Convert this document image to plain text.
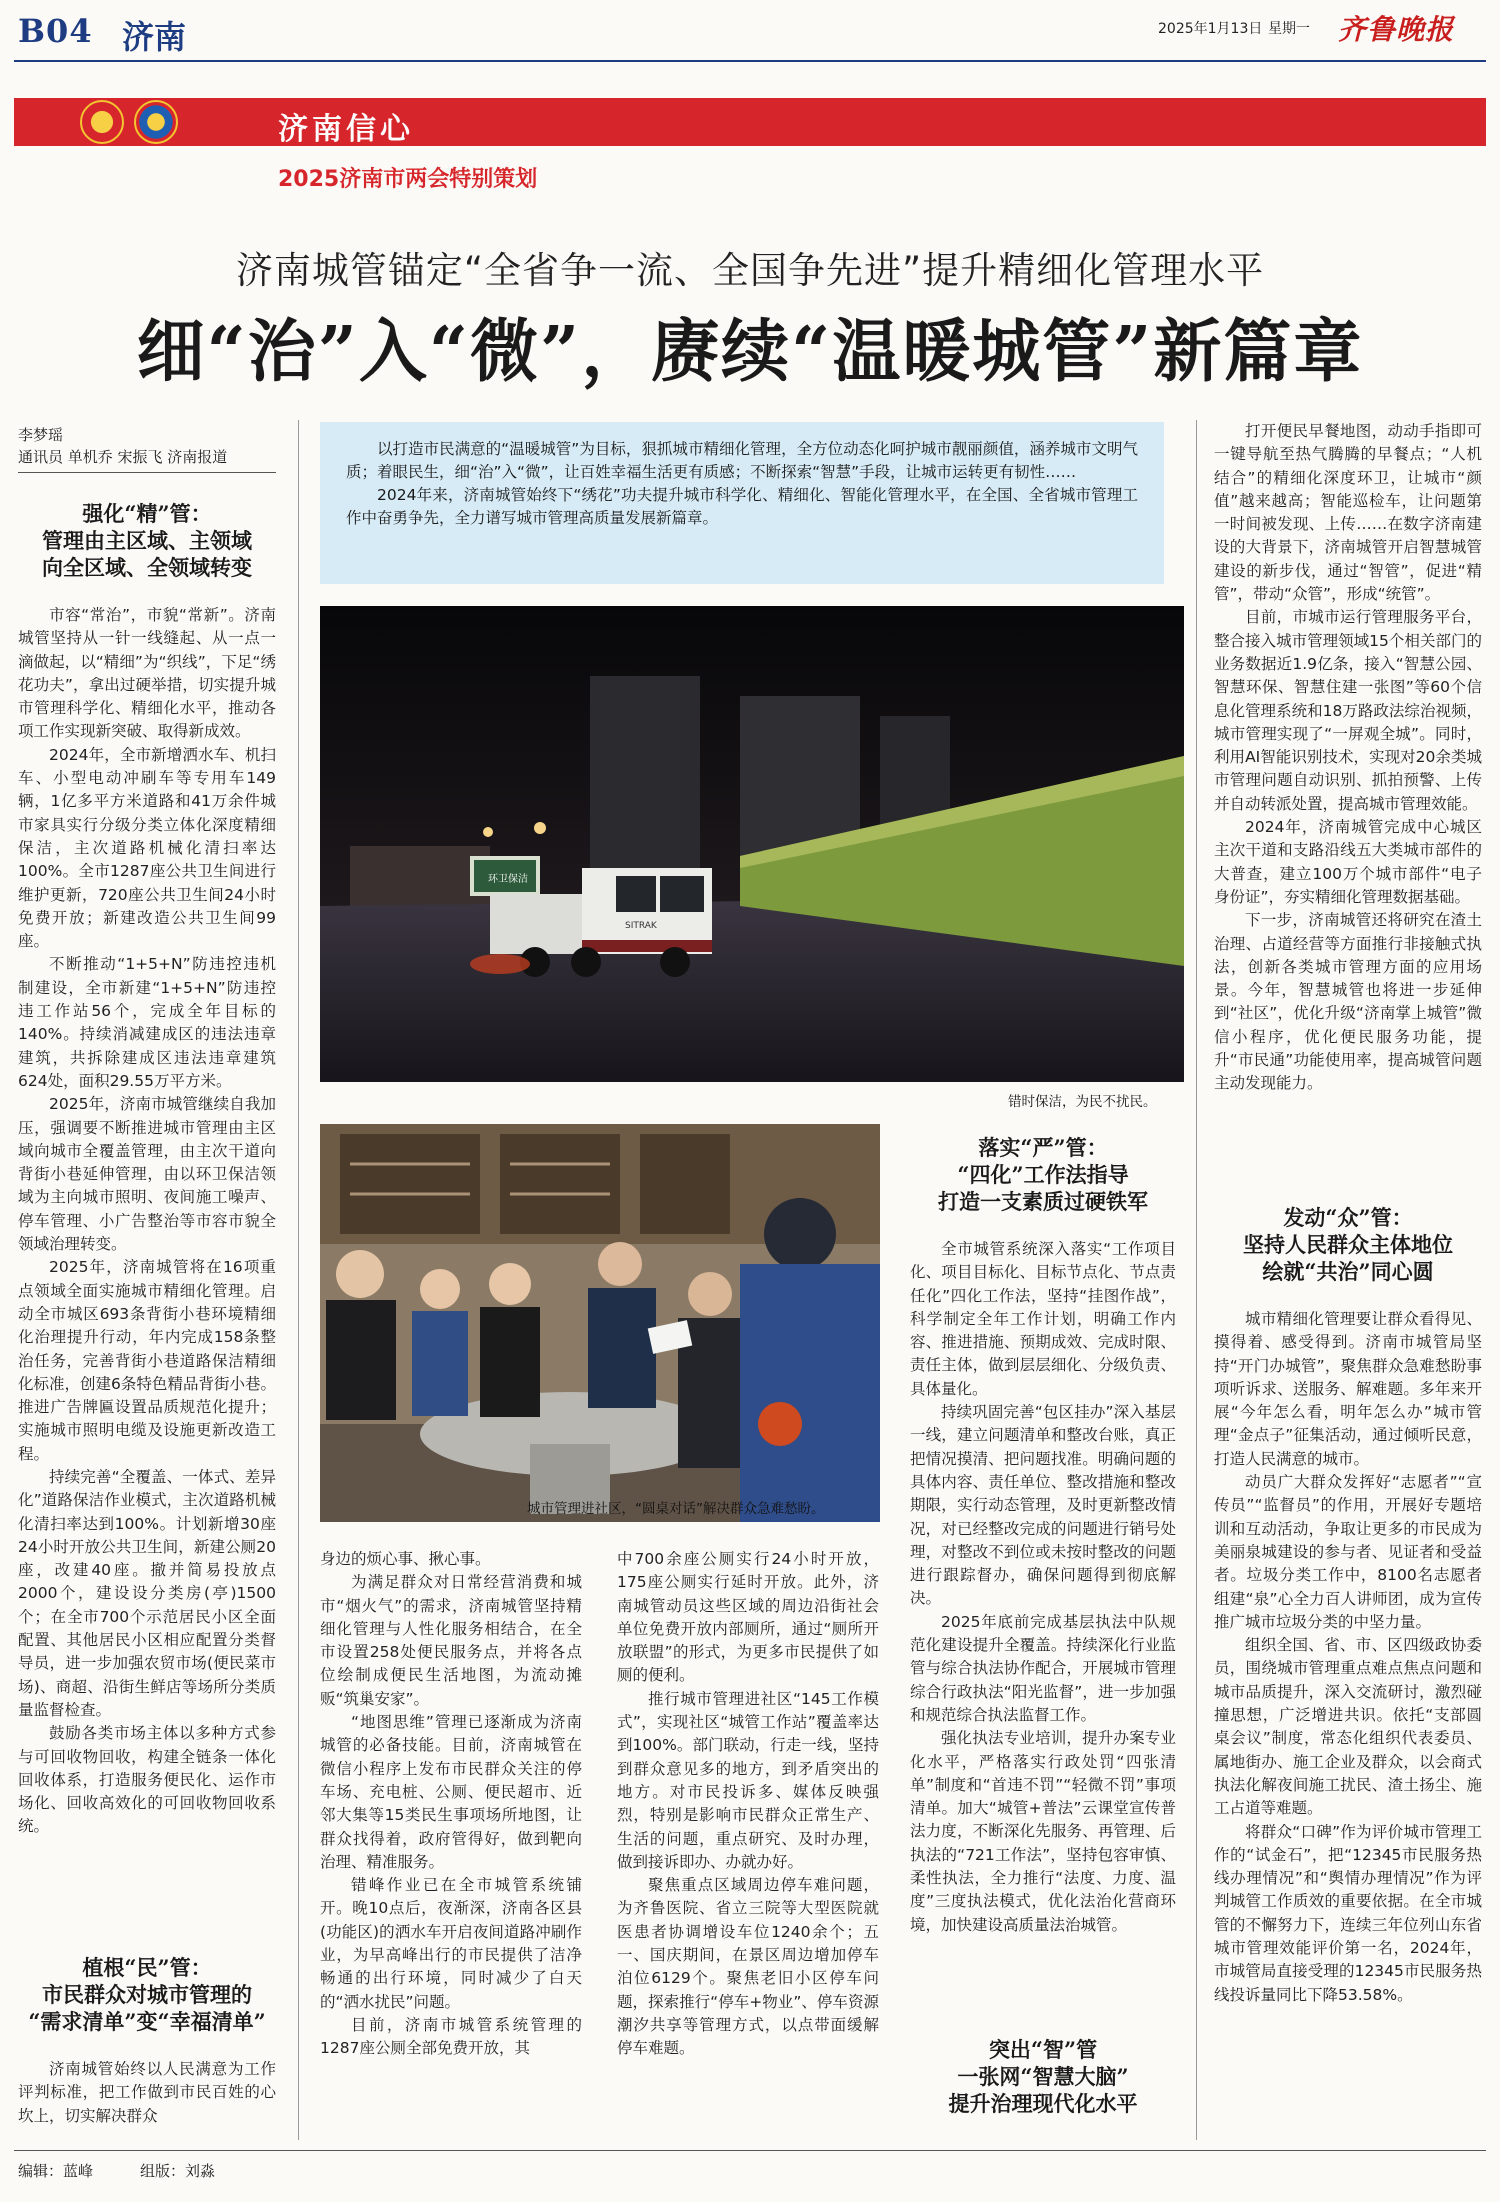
B04 济南	2025年1月13日 星期一 齐鲁晚报
济南信心
2025济南市两会特别策划
济南城管锚定“全省争一流、全国争先进”提升精细化管理水平
细“治”入“微”，赓续“温暖城管”新篇章
李梦瑶
通讯员 单机乔 宋振飞 济南报道
强化“精”管：
管理由主区域、主领域
向全区域、全领域转变

市容“常治”，市貌“常新”。济南城管坚持从一针一线缝起、从一点一滴做起，以“精细”为“织线”，下足“绣花功夫”，拿出过硬举措，切实提升城市管理科学化、精细化水平，推动各项工作实现新突破、取得新成效。

2024年，全市新增洒水车、机扫车、小型电动冲刷车等专用车149辆，1亿多平方米道路和41万余件城市家具实行分级分类立体化深度精细保洁，主次道路机械化清扫率达100%。全市1287座公共卫生间进行维护更新，720座公共卫生间24小时免费开放；新建改造公共卫生间99座。

不断推动“1+5+N”防违控违机制建设，全市新建“1+5+N”防违控违工作站56个，完成全年目标的140%。持续消减建成区的违法违章建筑，共拆除建成区违法违章建筑624处，面积29.55万平方米。

2025年，济南市城管继续自我加压，强调要不断推进城市管理由主区域向城市全覆盖管理，由主次干道向背街小巷延伸管理，由以环卫保洁领域为主向城市照明、夜间施工噪声、停车管理、小广告整治等市容市貌全领域治理转变。

2025年，济南城管将在16项重点领域全面实施城市精细化管理。启动全市城区693条背街小巷环境精细化治理提升行动，年内完成158条整治任务，完善背街小巷道路保洁精细化标准，创建6条特色精品背街小巷。推进广告牌匾设置品质规范化提升；实施城市照明电缆及设施更新改造工程。

持续完善“全覆盖、一体式、差异化”道路保洁作业模式，主次道路机械化清扫率达到100%。计划新增30座24小时开放公共卫生间，新建公厕20座，改建40座。撤并简易投放点2000个，建设设分类房(亭)1500个；在全市700个示范居民小区全面配置、其他居民小区相应配置分类督导员，进一步加强农贸市场(便民菜市场)、商超、沿街生鲜店等场所分类质量监督检查。

鼓励各类市场主体以多种方式参与可回收物回收，构建全链条一体化回收体系，打造服务便民化、运作市场化、回收高效化的可回收物回收系统。

植根“民”管：
市民群众对城市管理的
“需求清单”变“幸福清单”

济南城管始终以人民满意为工作评判标准，把工作做到市民百姓的心坎上，切实解决群众

以打造市民满意的“温暖城管”为目标，狠抓城市精细化管理，全方位动态化呵护城市靓丽颜值，涵养城市文明气质；着眼民生，细“治”入“微”，让百姓幸福生活更有质感；不断探索“智慧”手段，让城市运转更有韧性……

2024年来，济南城管始终下“绣花”功夫提升城市科学化、精细化、智能化管理水平，在全国、全省城市管理工作中奋勇争先，全力谱写城市管理高质量发展新篇章。

环卫保洁
SITRAK
错时保洁，为民不扰民。
城市管理进社区，“圆桌对话”解决群众急难愁盼。

身边的烦心事、揪心事。

为满足群众对日常经营消费和城市“烟火气”的需求，济南城管坚持精细化管理与人性化服务相结合，在全市设置258处便民服务点，并将各点位绘制成便民生活地图，为流动摊贩“筑巢安家”。

“地图思维”管理已逐渐成为济南城管的必备技能。目前，济南城管在微信小程序上发布市民群众关注的停车场、充电桩、公厕、便民超市、近邻大集等15类民生事项场所地图，让群众找得着，政府管得好，做到靶向治理、精准服务。

错峰作业已在全市城管系统铺开。晚10点后，夜渐深，济南各区县(功能区)的洒水车开启夜间道路冲刷作业，为早高峰出行的市民提供了洁净畅通的出行环境，同时减少了白天的“洒水扰民”问题。

目前，济南市城管系统管理的1287座公厕全部免费开放，其

中700余座公厕实行24小时开放，175座公厕实行延时开放。此外，济南城管动员这些区域的周边沿街社会单位免费开放内部厕所，通过“厕所开放联盟”的形式，为更多市民提供了如厕的便利。

推行城市管理进社区“145工作模式”，实现社区“城管工作站”覆盖率达到100%。部门联动，行走一线，坚持到群众意见多的地方，到矛盾突出的地方。对市民投诉多、媒体反映强烈，特别是影响市民群众正常生产、生活的问题，重点研究、及时办理，做到接诉即办、办就办好。

聚焦重点区域周边停车难问题，为齐鲁医院、省立三院等大型医院就医患者协调增设车位1240余个；五一、国庆期间，在景区周边增加停车泊位6129个。聚焦老旧小区停车问题，探索推行“停车+物业”、停车资源潮汐共享等管理方式，以点带面缓解停车难题。

落实“严”管：
“四化”工作法指导
打造一支素质过硬铁军

全市城管系统深入落实“工作项目化、项目目标化、目标节点化、节点责任化”四化工作法，坚持“挂图作战”，科学制定全年工作计划，明确工作内容、推进措施、预期成效、完成时限、责任主体，做到层层细化、分级负责、具体量化。

持续巩固完善“包区挂办”深入基层一线，建立问题清单和整改台账，真正把情况摸清、把问题找准。明确问题的具体内容、责任单位、整改措施和整改期限，实行动态管理，及时更新整改情况，对已经整改完成的问题进行销号处理，对整改不到位或未按时整改的问题进行跟踪督办，确保问题得到彻底解决。

2025年底前完成基层执法中队规范化建设提升全覆盖。持续深化行业监管与综合执法协作配合，开展城市管理综合行政执法“阳光监督”，进一步加强和规范综合执法监督工作。

强化执法专业培训，提升办案专业化水平，严格落实行政处罚“四张清单”制度和“首违不罚”“轻微不罚”事项清单。加大“城管+普法”云课堂宣传普法力度，不断深化先服务、再管理、后执法的“721工作法”，坚持包容审慎、柔性执法，全力推行“法度、力度、温度”三度执法模式，优化法治化营商环境，加快建设高质量法治城管。

突出“智”管
一张网“智慧大脑”
提升治理现代化水平

打开便民早餐地图，动动手指即可一键导航至热气腾腾的早餐点；“人机结合”的精细化深度环卫，让城市“颜值”越来越高；智能巡检车，让问题第一时间被发现、上传……在数字济南建设的大背景下，济南城管开启智慧城管建设的新步伐，通过“智管”，促进“精管”，带动“众管”，形成“统管”。

目前，市城市运行管理服务平台，整合接入城市管理领域15个相关部门的业务数据近1.9亿条，接入“智慧公园、智慧环保、智慧住建一张图”等60个信息化管理系统和18万路政法综治视频，城市管理实现了“一屏观全城”。同时，利用AI智能识别技术，实现对20余类城市管理问题自动识别、抓拍预警、上传并自动转派处置，提高城市管理效能。

2024年，济南城管完成中心城区主次干道和支路沿线五大类城市部件的大普查，建立100万个城市部件“电子身份证”，夯实精细化管理数据基础。

下一步，济南城管还将研究在渣土治理、占道经营等方面推行非接触式执法，创新各类城市管理方面的应用场景。今年，智慧城管也将进一步延伸到“社区”，优化升级“济南掌上城管”微信小程序，优化便民服务功能，提升“市民通”功能使用率，提高城管问题主动发现能力。

发动“众”管：
坚持人民群众主体地位
绘就“共治”同心圆

城市精细化管理要让群众看得见、摸得着、感受得到。济南市城管局坚持“开门办城管”，聚焦群众急难愁盼事项听诉求、送服务、解难题。多年来开展“今年怎么看，明年怎么办”城市管理“金点子”征集活动，通过倾听民意，打造人民满意的城市。

动员广大群众发挥好“志愿者”“宣传员”“监督员”的作用，开展好专题培训和互动活动，争取让更多的市民成为美丽泉城建设的参与者、见证者和受益者。垃圾分类工作中，8100名志愿者组建“泉”心全力百人讲师团，成为宣传推广城市垃圾分类的中坚力量。

组织全国、省、市、区四级政协委员，围绕城市管理重点难点焦点问题和城市品质提升，深入交流研讨，激烈碰撞思想，广泛增进共识。依托“支部圆桌会议”制度，常态化组织代表委员、属地街办、施工企业及群众，以会商式执法化解夜间施工扰民、渣土扬尘、施工占道等难题。

将群众“口碑”作为评价城市管理工作的“试金石”，把“12345市民服务热线办理情况”和“舆情办理情况”作为评判城管工作质效的重要依据。在全市城管的不懈努力下，连续三年位列山东省城市管理效能评价第一名，2024年，市城管局直接受理的12345市民服务热线投诉量同比下降53.58%。

编辑：蓝峰	组版：刘淼
